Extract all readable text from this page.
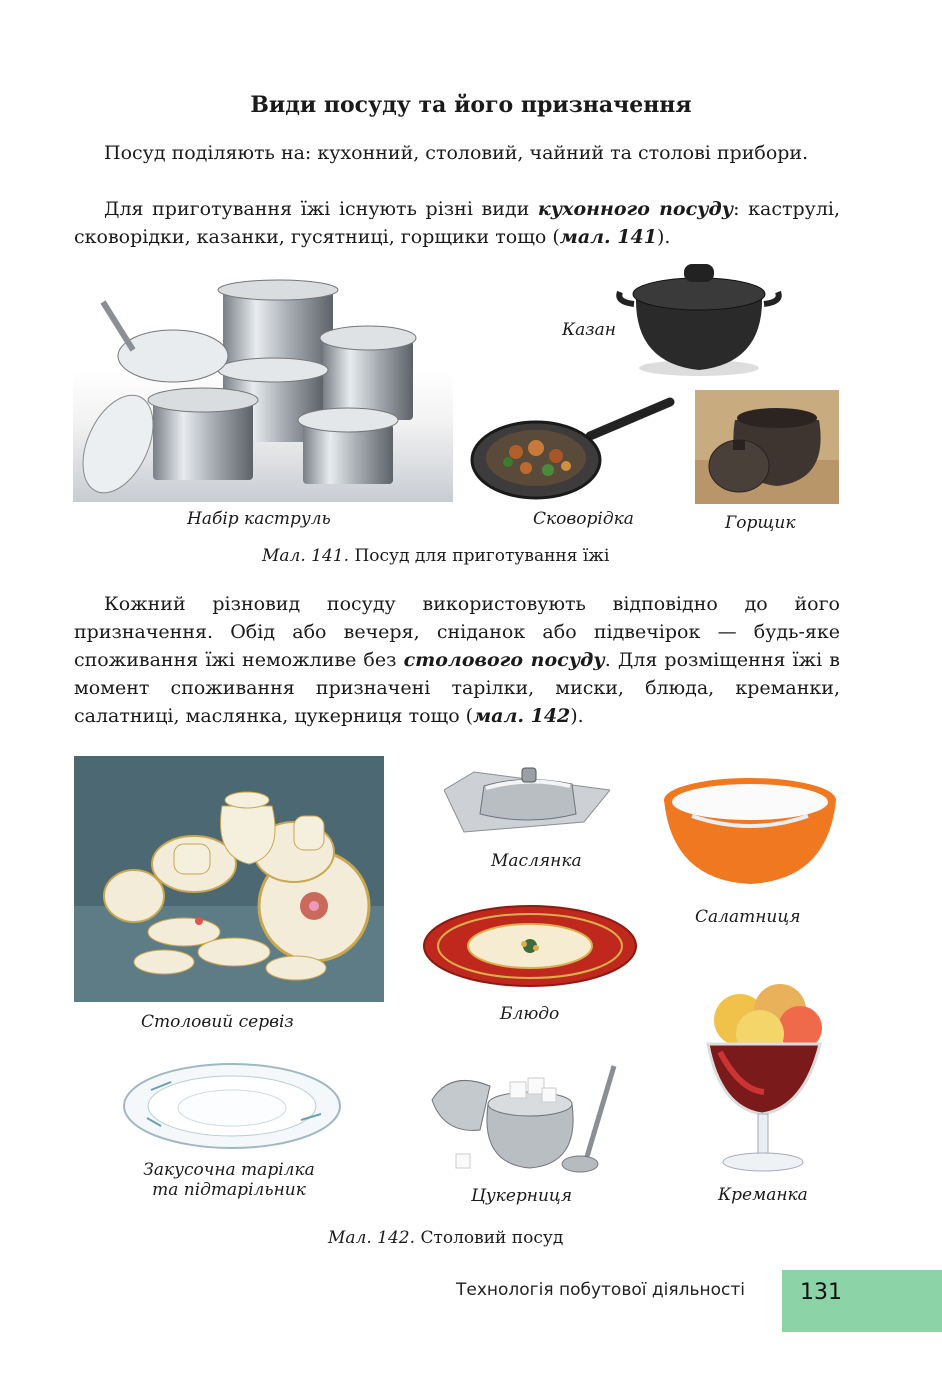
Види посуду та його призначення
Посуд поділяють на: кухонний, столовий, чайний та столові прибори.
Для приготування їжі існують різні види кухонного посуду: каструлі, сковорідки, казанки, гусятниці, горщики тощо (мал. 141).
Казан
Сковорідка	Горщик
Набір каструль
Мал. 141. Посуд для приготування їжі
Кожний різновид посуду використовують відповідно до його призначення. Обід або вечеря, сніданок або підвечірок — будь-яке споживання їжі неможливе без столового посуду. Для розміщення їжі в момент споживання призначені тарілки, миски, блюда, креманки, салатниці, маслянка, цукерниця тощо (мал. 142).
Столовий сервіз
Маслянка
Салатниця
Блюдо
Креманка
Закусочна тарілка
та підтарільник	Цукерниця
Мал. 142. Столовий посуд
Технологія побутової діяльності	131
